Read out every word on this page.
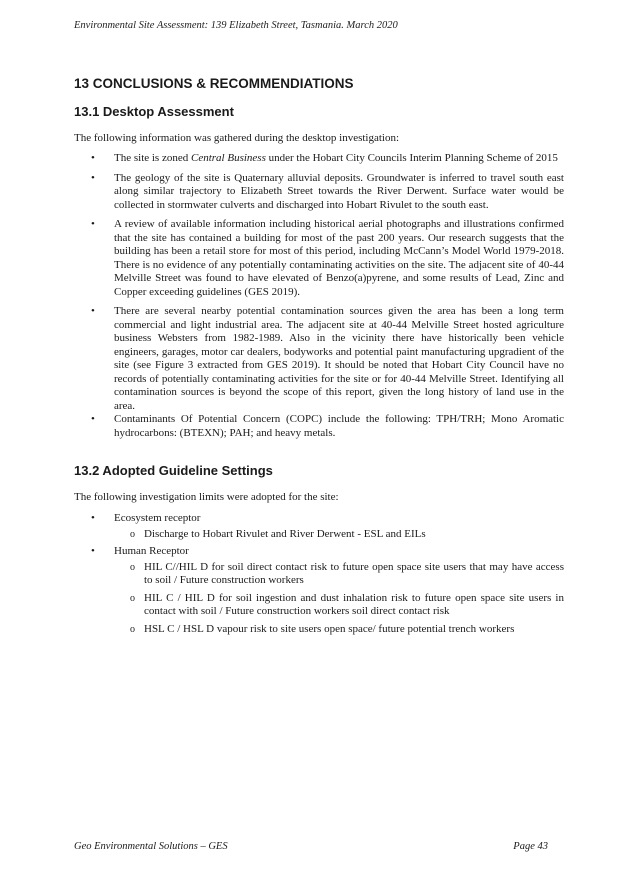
Environmental Site Assessment: 139 Elizabeth Street, Tasmania. March 2020
13 CONCLUSIONS & RECOMMENDIATIONS
13.1 Desktop Assessment
The following information was gathered during the desktop investigation:
• The site is zoned Central Business under the Hobart City Councils Interim Planning Scheme of 2015
• The geology of the site is Quaternary alluvial deposits. Groundwater is inferred to travel south east along similar trajectory to Elizabeth Street towards the River Derwent. Surface water would be collected in stormwater culverts and discharged into Hobart Rivulet to the south east.
• A review of available information including historical aerial photographs and illustrations confirmed that the site has contained a building for most of the past 200 years. Our research suggests that the building has been a retail store for most of this period, including McCann’s Model World 1979-2018. There is no evidence of any potentially contaminating activities on the site. The adjacent site of 40-44 Melville Street was found to have elevated of Benzo(a)pyrene, and some results of Lead, Zinc and Copper exceeding guidelines (GES 2019).
• There are several nearby potential contamination sources given the area has been a long term commercial and light industrial area. The adjacent site at 40-44 Melville Street hosted agriculture business Websters from 1982-1989. Also in the vicinity there have historically been vehicle engineers, garages, motor car dealers, bodyworks and potential paint manufacturing upgradient of the site (see Figure 3 extracted from GES 2019). It should be noted that Hobart City Council have no records of potentially contaminating activities for the site or for 40-44 Melville Street. Identifying all contamination sources is beyond the scope of this report, given the long history of land use in the area.
• Contaminants Of Potential Concern (COPC) include the following: TPH/TRH; Mono Aromatic hydrocarbons: (BTEXN); PAH; and heavy metals.
13.2 Adopted Guideline Settings
The following investigation limits were adopted for the site:
• Ecosystem receptor
o Discharge to Hobart Rivulet and River Derwent - ESL and EILs
• Human Receptor
o HIL C//HIL D for soil direct contact risk to future open space site users that may have access to soil / Future construction workers
o HIL C / HIL D for soil ingestion and dust inhalation risk to future open space site users in contact with soil / Future construction workers soil direct contact risk
o HSL C / HSL D vapour risk to site users open space/ future potential trench workers
Geo Environmental Solutions – GES	Page 43
